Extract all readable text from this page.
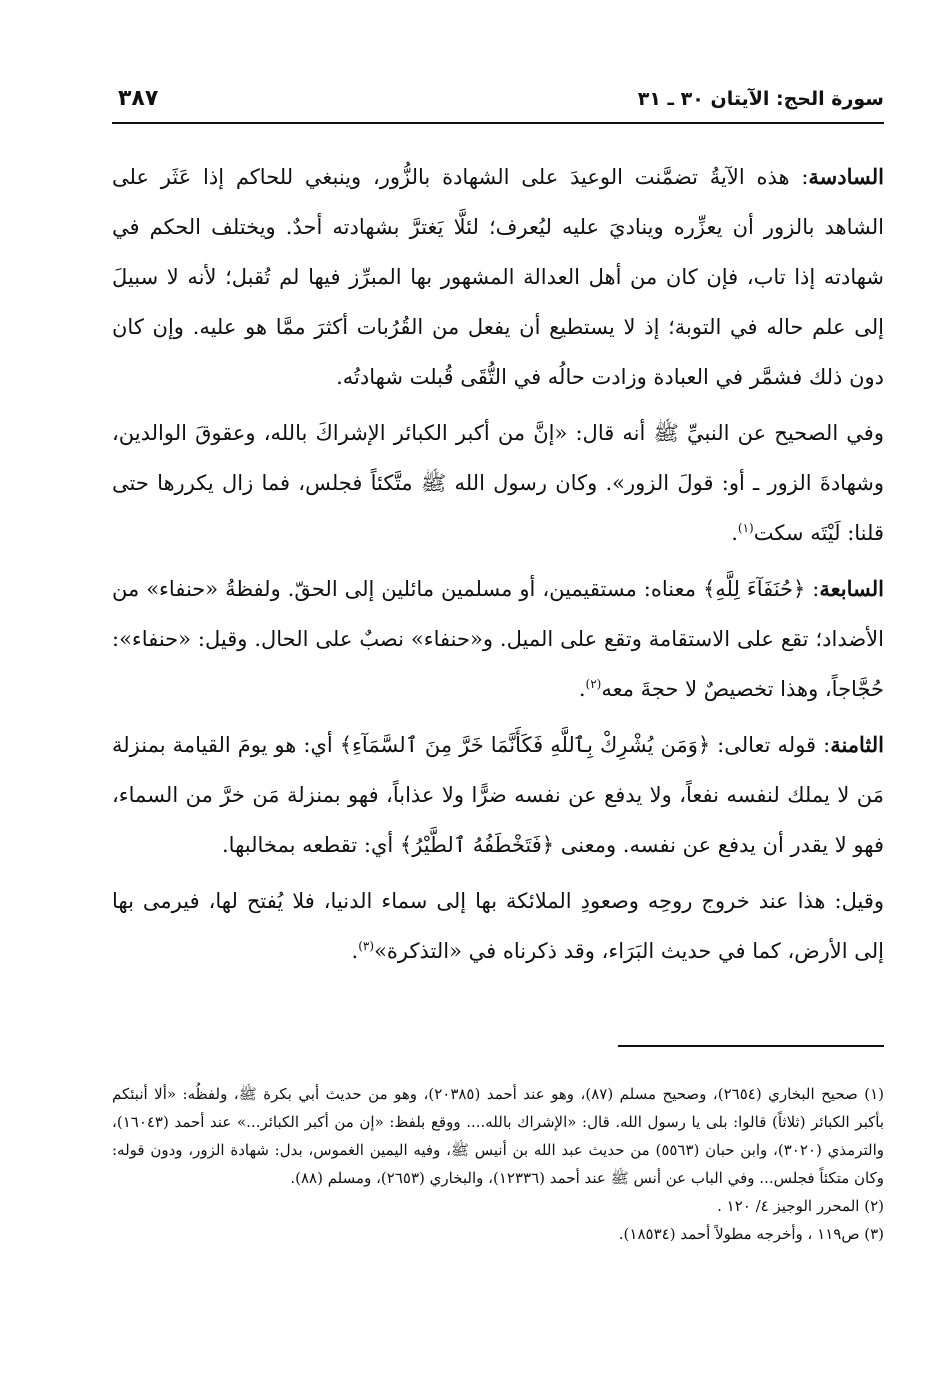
سورة الحج: الآيتان ٣٠ ـ ٣١
٣٨٧

السادسة: هذه الآيةُ تضمَّنت الوعيدَ على الشهادة بالزُّور، وينبغي للحاكم إذا عَثَر على الشاهد بالزور أن يعزِّره ويناديَ عليه ليُعرف؛ لئلَّا يَغترَّ بشهادته أحدٌ. ويختلف الحكم في شهادته إذا تاب، فإن كان من أهل العدالة المشهور بها المبرِّز فيها لم تُقبل؛ لأنه لا سبيلَ إلى علم حاله في التوبة؛ إذ لا يستطيع أن يفعل من القُرُبات أكثرَ ممَّا هو عليه. وإن كان دون ذلك فشمَّر في العبادة وزادت حالُه في التُّقَى قُبلت شهادتُه.

وفي الصحيح عن النبيِّ ﷺ أنه قال: «إنَّ من أكبر الكبائر الإشراكَ بالله، وعقوقَ الوالدين، وشهادةَ الزور ـ أو: قولَ الزور». وكان رسول الله ﷺ متَّكئاً فجلس، فما زال يكررها حتى قلنا: لَيْتَه سكت$^{(١)}$.

السابعة: ﴿حُنَفَآءَ لِلَّهِ﴾ معناه: مستقيمين، أو مسلمين مائلين إلى الحقّ. ولفظةُ «حنفاء» من الأضداد؛ تقع على الاستقامة وتقع على الميل. و«حنفاء» نصبٌ على الحال. وقيل: «حنفاء»: حُجَّاجاً، وهذا تخصيصٌ لا حجةَ معه$^{(٢)}$.

الثامنة: قوله تعالى: ﴿وَمَن يُشْرِكْ بِٱللَّهِ فَكَأَنَّمَا خَرَّ مِنَ ٱلسَّمَآءِ﴾ أي: هو يومَ القيامة بمنزلة مَن لا يملك لنفسه نفعاً، ولا يدفع عن نفسه ضرًّا ولا عذاباً، فهو بمنزلة مَن خرَّ من السماء، فهو لا يقدر أن يدفع عن نفسه. ومعنى ﴿فَتَخْطَفُهُ ٱلطَّيْرُ﴾ أي: تقطعه بمخالبها.

وقيل: هذا عند خروج روحِه وصعودِ الملائكة بها إلى سماء الدنيا، فلا يُفتح لها، فيرمى بها إلى الأرض، كما في حديث البَرَاء، وقد ذكرناه في «التذكرة»$^{(٣)}$.

(١) صحيح البخاري (٢٦٥٤)، وصحيح مسلم (٨٧)، وهو عند أحمد (٢٠٣٨٥)، وهو من حديث أبي بكرة ﷺ، ولفظُه: «ألا أنبئكم بأكبر الكبائر (ثلاثاً) قالوا: بلى يا رسول الله. قال: «الإشراك بالله.... ووقع بلفظ: «إن من أكبر الكبائر...» عند أحمد (١٦٠٤٣)، والترمذي (٣٠٢٠)، وابن حبان (٥٥٦٣) من حديث عبد الله بن أنيس ﷺ، وفيه اليمين الغموس، بدل: شهادة الزور، ودون قوله: وكان متكئاً فجلس... وفي الباب عن أنس ﷺ عند أحمد (١٢٣٣٦)، والبخاري (٢٦٥٣)، ومسلم (٨٨).

(٢) المحرر الوجيز ٤/ ١٢٠ .

(٣) ص١١٩ ، وأخرجه مطولاً أحمد (١٨٥٣٤).
